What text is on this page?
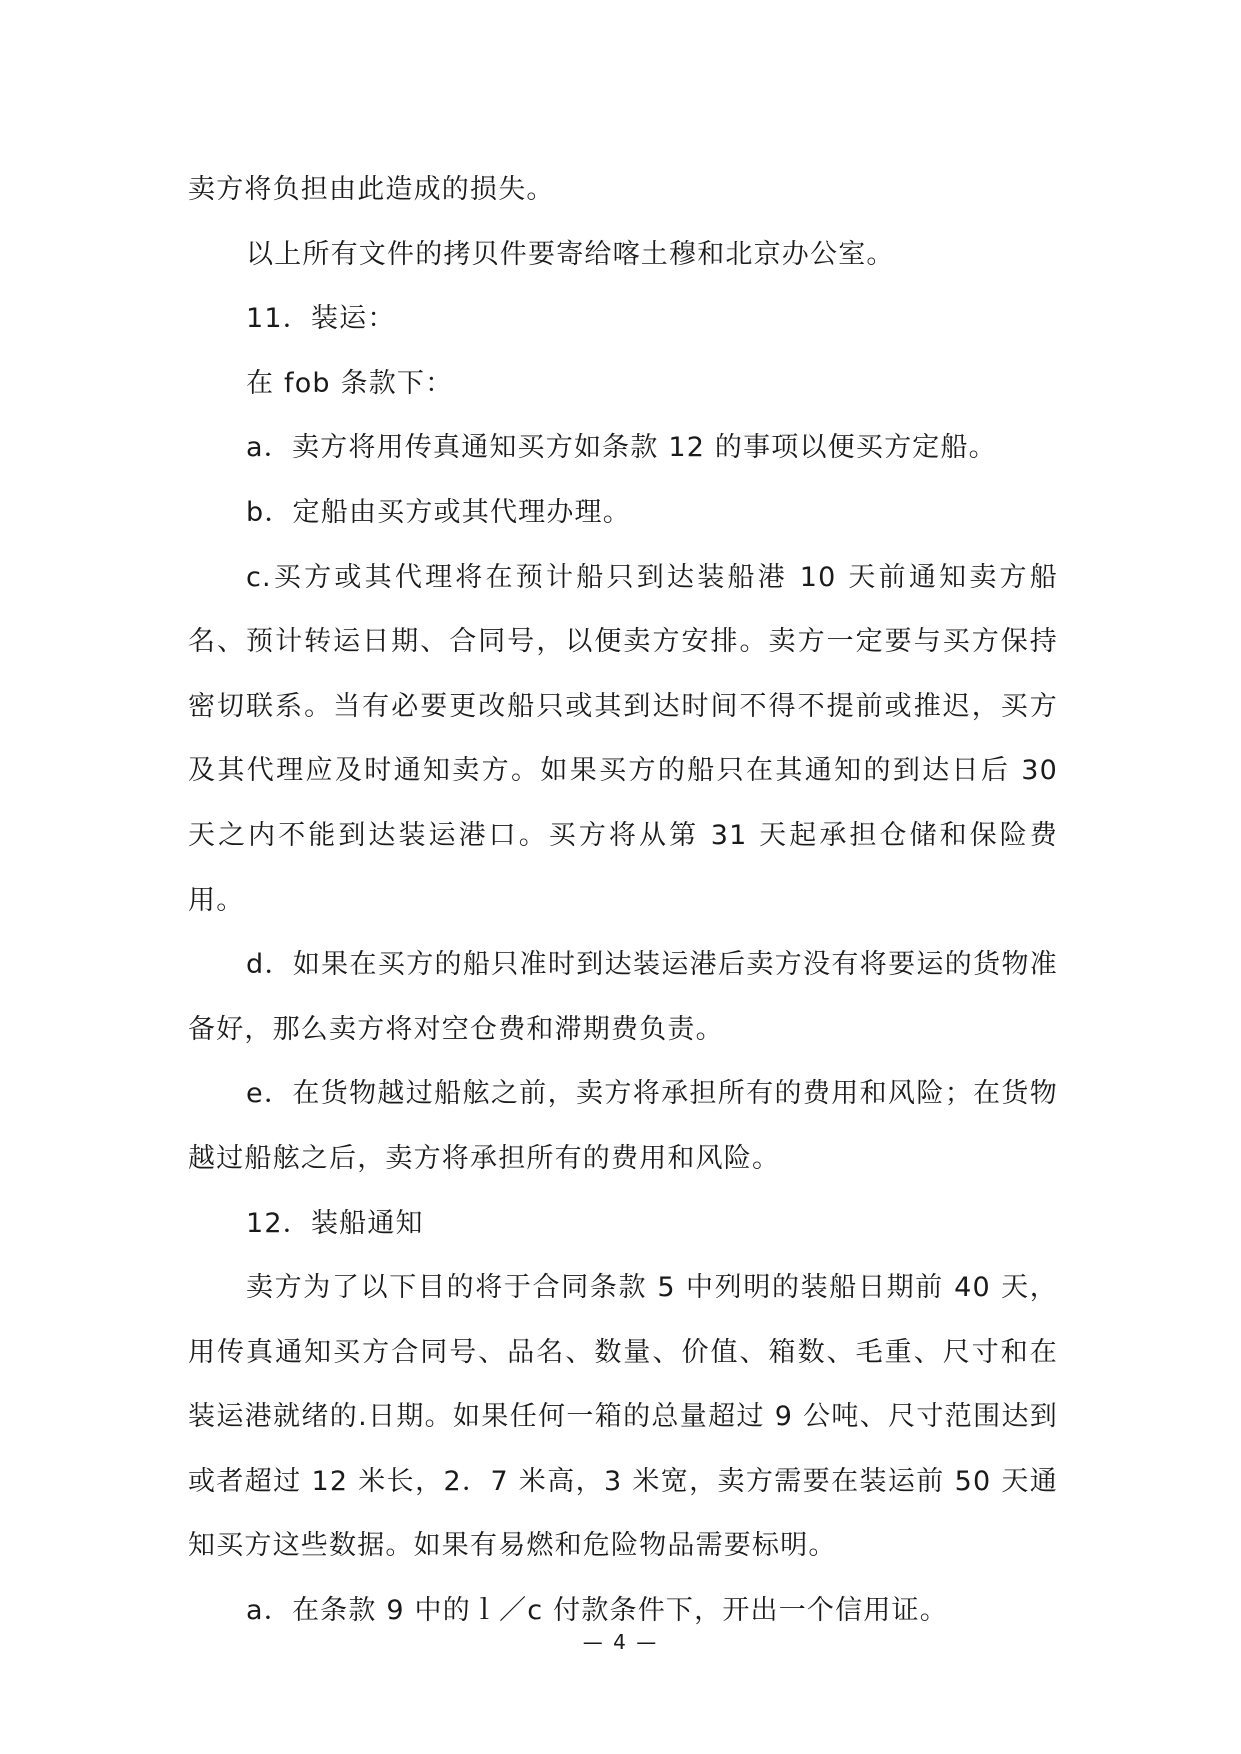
卖方将负担由此造成的损失。

以上所有文件的拷贝件要寄给喀土穆和北京办公室。

11．装运：

在 fob 条款下：

a．卖方将用传真通知买方如条款 12 的事项以便买方定船。

b．定船由买方或其代理办理。

c.买方或其代理将在预计船只到达装船港 10 天前通知卖方船名、预计转运日期、合同号，以便卖方安排。卖方一定要与买方保持密切联系。当有必要更改船只或其到达时间不得不提前或推迟，买方及其代理应及时通知卖方。如果买方的船只在其通知的到达日后 30 天之内不能到达装运港口。买方将从第 31 天起承担仓储和保险费用。

d．如果在买方的船只准时到达装运港后卖方没有将要运的货物准备好，那么卖方将对空仓费和滞期费负责。

e．在货物越过船舷之前，卖方将承担所有的费用和风险；在货物越过船舷之后，卖方将承担所有的费用和风险。

12．装船通知

卖方为了以下目的将于合同条款 5 中列明的装船日期前 40 天，用传真通知买方合同号、品名、数量、价值、箱数、毛重、尺寸和在装运港就绪的.日期。如果任何一箱的总量超过 9 公吨、尺寸范围达到或者超过 12 米长，2．7 米高，3 米宽，卖方需要在装运前 50 天通知买方这些数据。如果有易燃和危险物品需要标明。

a．在条款 9 中的ｌ／c 付款条件下，开出一个信用证。

— 4 —
